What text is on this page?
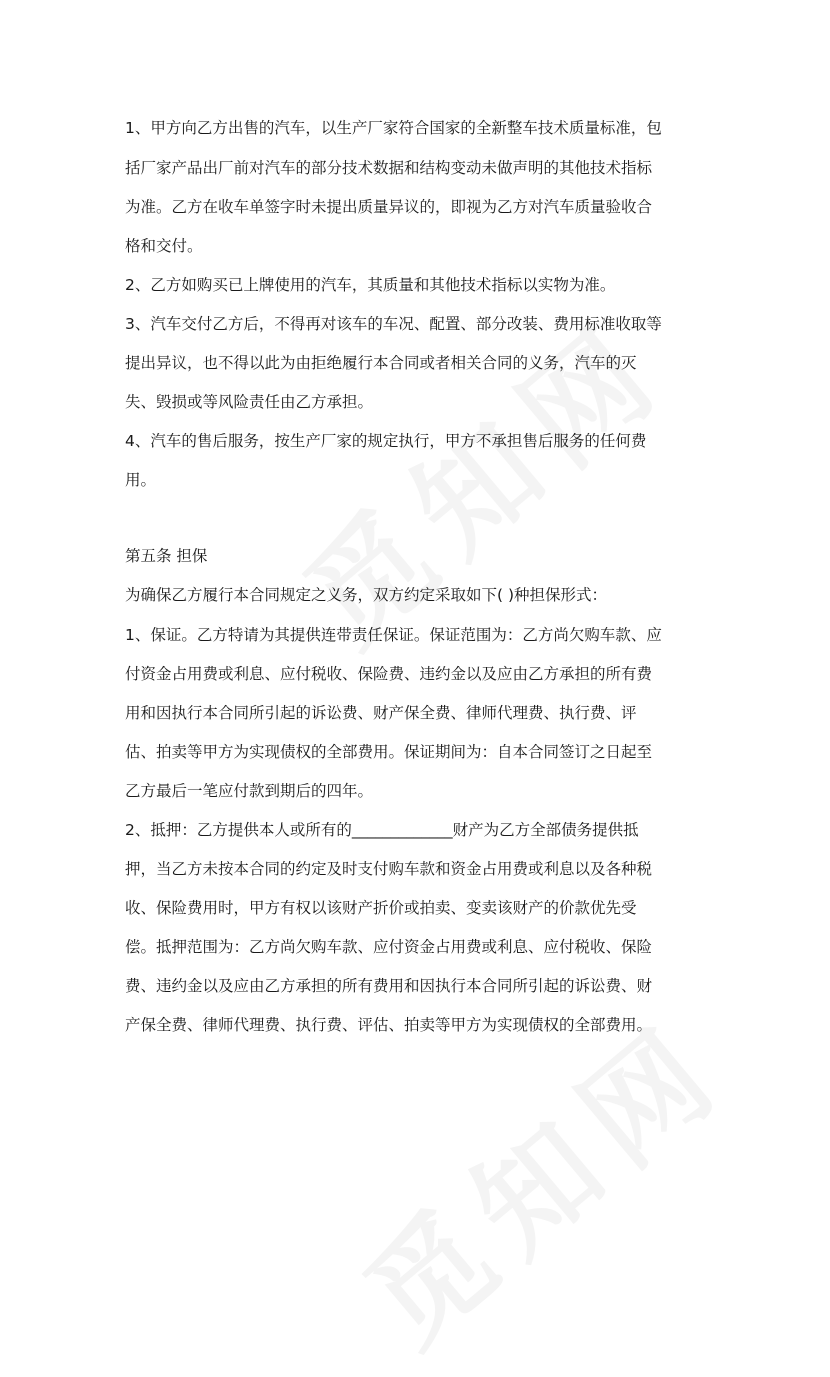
1、甲方向乙方出售的汽车，以生产厂家符合国家的全新整车技术质量标准，包
括厂家产品出厂前对汽车的部分技术数据和结构变动未做声明的其他技术指标
为准。乙方在收车单签字时未提出质量异议的，即视为乙方对汽车质量验收合
格和交付。
2、乙方如购买已上牌使用的汽车，其质量和其他技术指标以实物为准。
3、汽车交付乙方后，不得再对该车的车况、配置、部分改装、费用标准收取等
提出异议，也不得以此为由拒绝履行本合同或者相关合同的义务，汽车的灭
失、毁损或等风险责任由乙方承担。
4、汽车的售后服务，按生产厂家的规定执行，甲方不承担售后服务的任何费
用。
第五条 担保
为确保乙方履行本合同规定之义务，双方约定采取如下( )种担保形式：
1、保证。乙方特请为其提供连带责任保证。保证范围为：乙方尚欠购车款、应
付资金占用费或利息、应付税收、保险费、违约金以及应由乙方承担的所有费
用和因执行本合同所引起的诉讼费、财产保全费、律师代理费、执行费、评
估、拍卖等甲方为实现债权的全部费用。保证期间为：自本合同签订之日起至
乙方最后一笔应付款到期后的四年。
2、抵押：乙方提供本人或所有的_____________财产为乙方全部债务提供抵
押，当乙方未按本合同的约定及时支付购车款和资金占用费或利息以及各种税
收、保险费用时，甲方有权以该财产折价或拍卖、变卖该财产的价款优先受
偿。抵押范围为：乙方尚欠购车款、应付资金占用费或利息、应付税收、保险
费、违约金以及应由乙方承担的所有费用和因执行本合同所引起的诉讼费、财
产保全费、律师代理费、执行费、评估、拍卖等甲方为实现债权的全部费用。
